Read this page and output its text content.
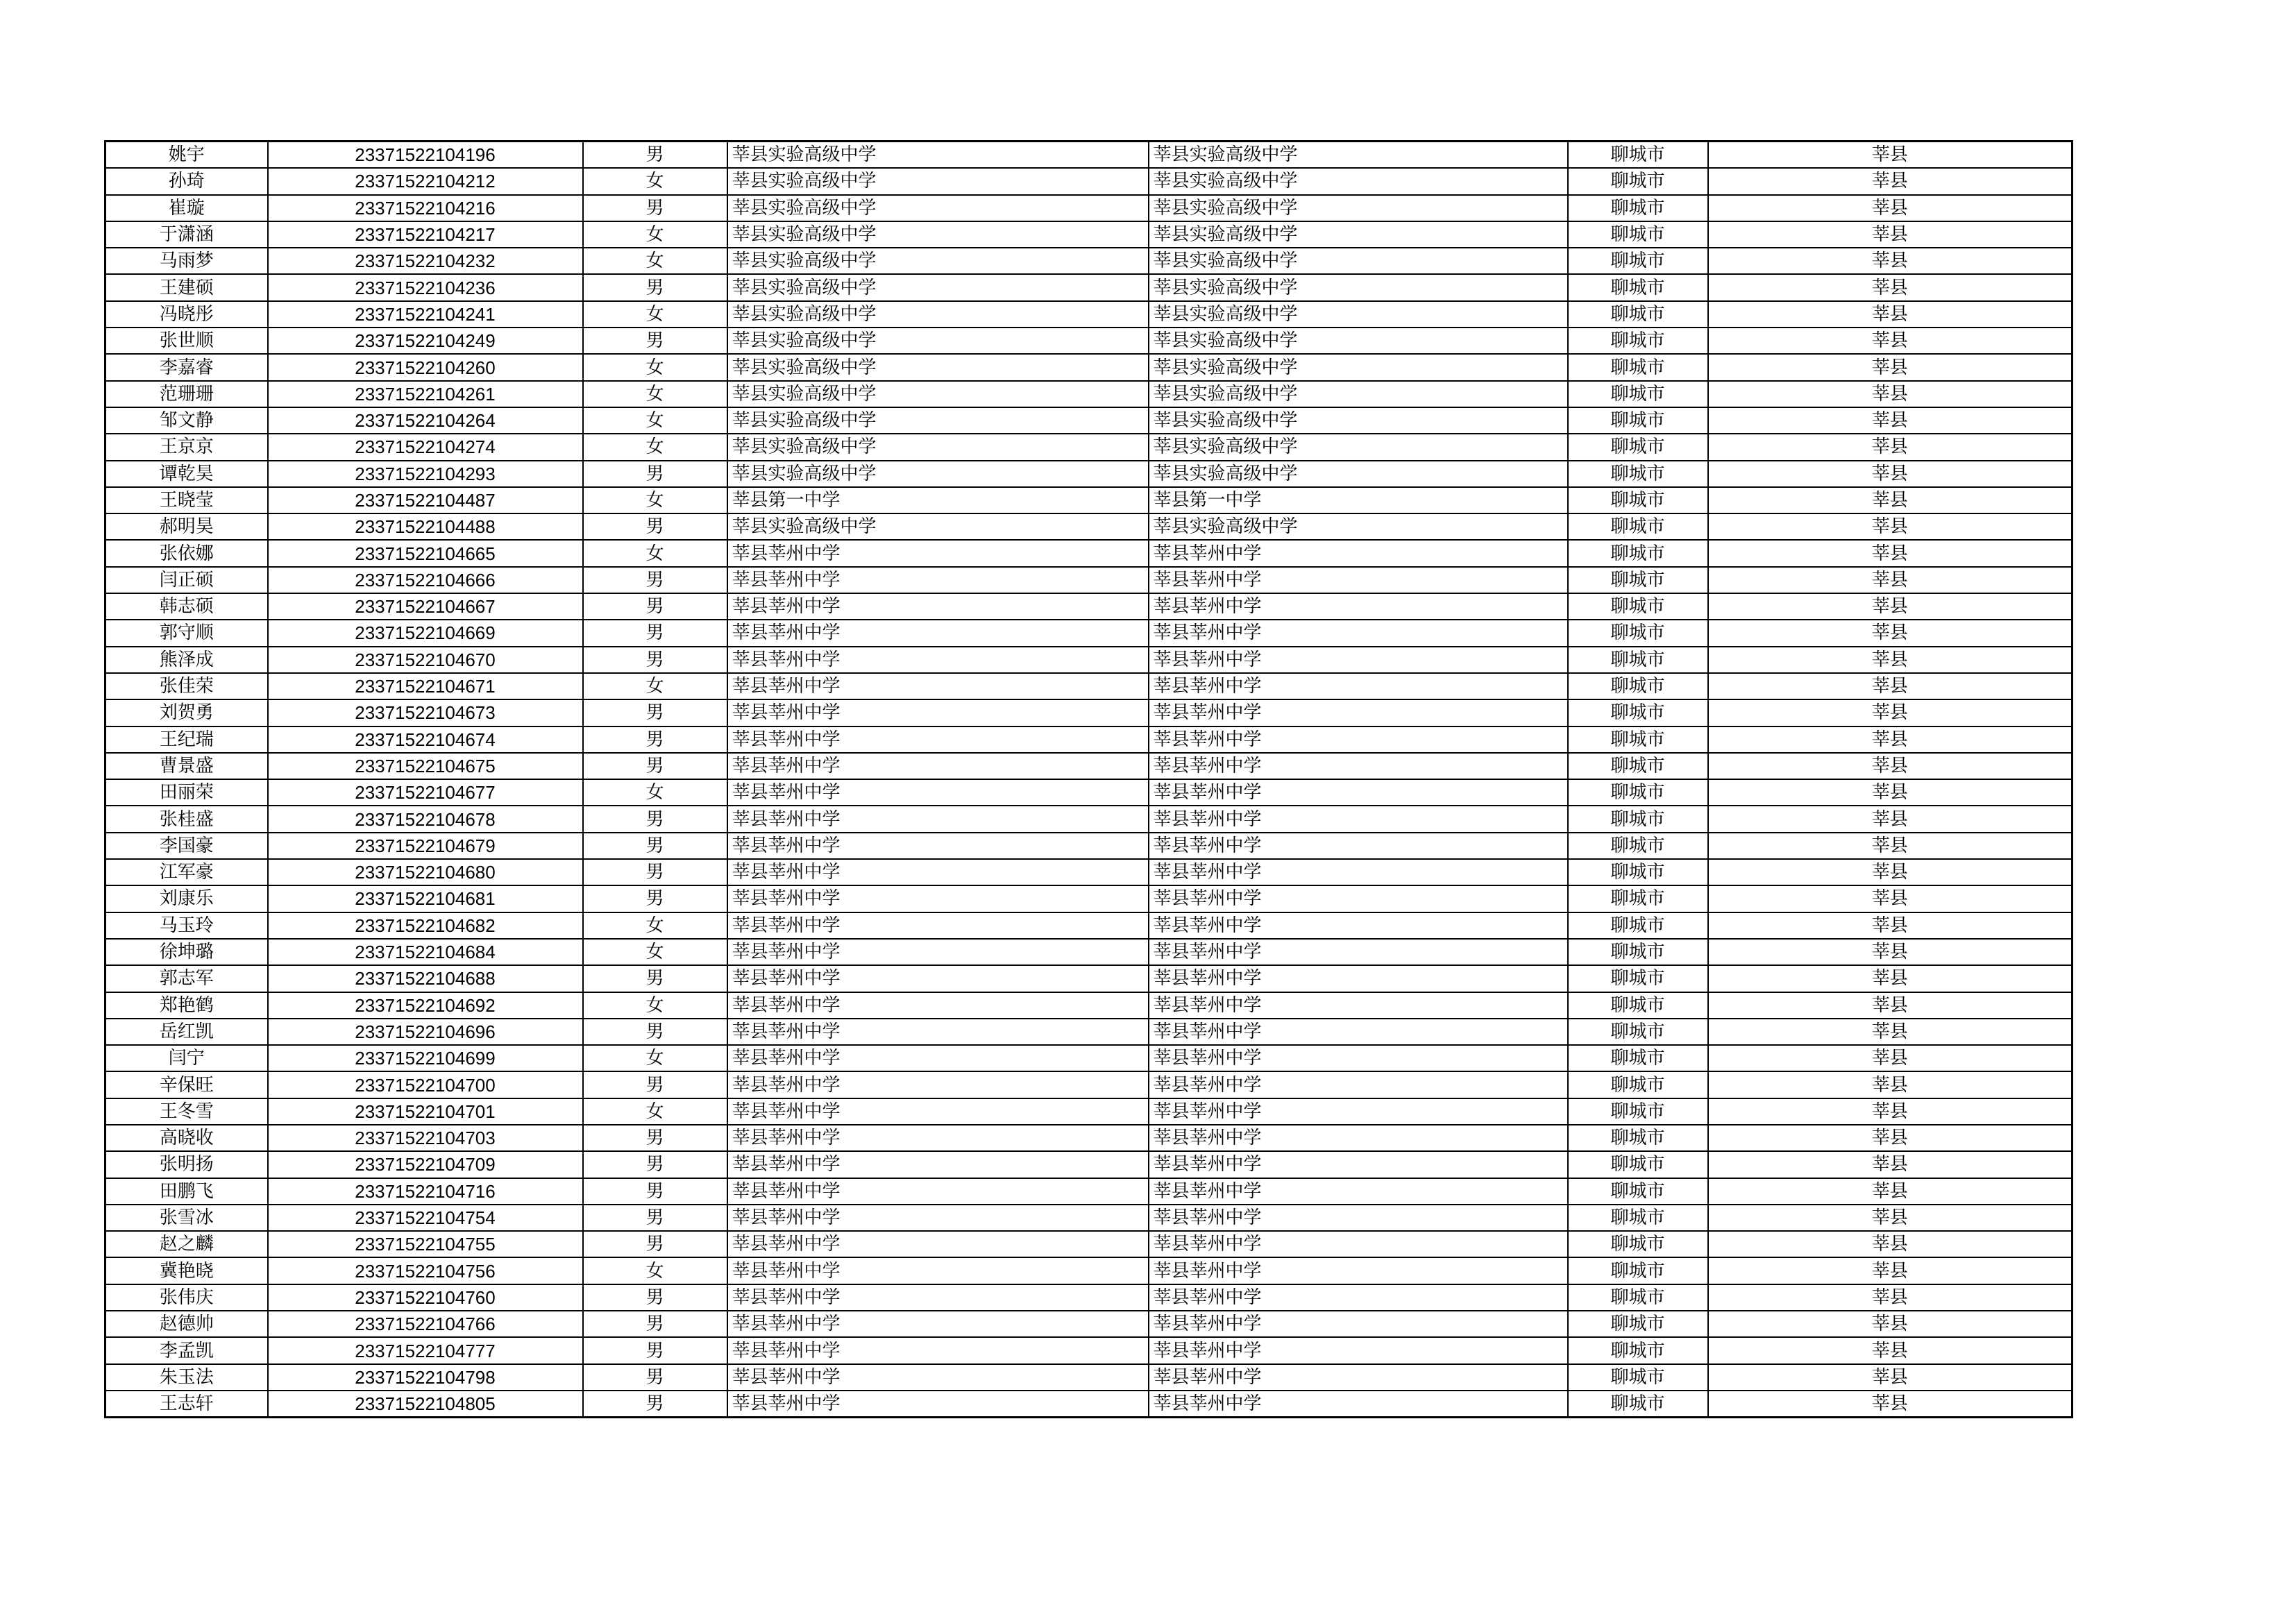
姚宇	23371522104196	男	莘县实验高级中学	莘县实验高级中学	聊城市	莘县
孙琦	23371522104212	女	莘县实验高级中学	莘县实验高级中学	聊城市	莘县
崔璇	23371522104216	男	莘县实验高级中学	莘县实验高级中学	聊城市	莘县
于潇涵	23371522104217	女	莘县实验高级中学	莘县实验高级中学	聊城市	莘县
马雨梦	23371522104232	女	莘县实验高级中学	莘县实验高级中学	聊城市	莘县
王建硕	23371522104236	男	莘县实验高级中学	莘县实验高级中学	聊城市	莘县
冯晓彤	23371522104241	女	莘县实验高级中学	莘县实验高级中学	聊城市	莘县
张世顺	23371522104249	男	莘县实验高级中学	莘县实验高级中学	聊城市	莘县
李嘉睿	23371522104260	女	莘县实验高级中学	莘县实验高级中学	聊城市	莘县
范珊珊	23371522104261	女	莘县实验高级中学	莘县实验高级中学	聊城市	莘县
邹文静	23371522104264	女	莘县实验高级中学	莘县实验高级中学	聊城市	莘县
王京京	23371522104274	女	莘县实验高级中学	莘县实验高级中学	聊城市	莘县
谭乾昊	23371522104293	男	莘县实验高级中学	莘县实验高级中学	聊城市	莘县
王晓莹	23371522104487	女	莘县第一中学	莘县第一中学	聊城市	莘县
郝明昊	23371522104488	男	莘县实验高级中学	莘县实验高级中学	聊城市	莘县
张依娜	23371522104665	女	莘县莘州中学	莘县莘州中学	聊城市	莘县
闫正硕	23371522104666	男	莘县莘州中学	莘县莘州中学	聊城市	莘县
韩志硕	23371522104667	男	莘县莘州中学	莘县莘州中学	聊城市	莘县
郭守顺	23371522104669	男	莘县莘州中学	莘县莘州中学	聊城市	莘县
熊泽成	23371522104670	男	莘县莘州中学	莘县莘州中学	聊城市	莘县
张佳荣	23371522104671	女	莘县莘州中学	莘县莘州中学	聊城市	莘县
刘贺勇	23371522104673	男	莘县莘州中学	莘县莘州中学	聊城市	莘县
王纪瑞	23371522104674	男	莘县莘州中学	莘县莘州中学	聊城市	莘县
曹景盛	23371522104675	男	莘县莘州中学	莘县莘州中学	聊城市	莘县
田丽荣	23371522104677	女	莘县莘州中学	莘县莘州中学	聊城市	莘县
张桂盛	23371522104678	男	莘县莘州中学	莘县莘州中学	聊城市	莘县
李国豪	23371522104679	男	莘县莘州中学	莘县莘州中学	聊城市	莘县
江军豪	23371522104680	男	莘县莘州中学	莘县莘州中学	聊城市	莘县
刘康乐	23371522104681	男	莘县莘州中学	莘县莘州中学	聊城市	莘县
马玉玲	23371522104682	女	莘县莘州中学	莘县莘州中学	聊城市	莘县
徐坤璐	23371522104684	女	莘县莘州中学	莘县莘州中学	聊城市	莘县
郭志军	23371522104688	男	莘县莘州中学	莘县莘州中学	聊城市	莘县
郑艳鹤	23371522104692	女	莘县莘州中学	莘县莘州中学	聊城市	莘县
岳红凯	23371522104696	男	莘县莘州中学	莘县莘州中学	聊城市	莘县
闫宁	23371522104699	女	莘县莘州中学	莘县莘州中学	聊城市	莘县
辛保旺	23371522104700	男	莘县莘州中学	莘县莘州中学	聊城市	莘县
王冬雪	23371522104701	女	莘县莘州中学	莘县莘州中学	聊城市	莘县
高晓收	23371522104703	男	莘县莘州中学	莘县莘州中学	聊城市	莘县
张明扬	23371522104709	男	莘县莘州中学	莘县莘州中学	聊城市	莘县
田鹏飞	23371522104716	男	莘县莘州中学	莘县莘州中学	聊城市	莘县
张雪冰	23371522104754	男	莘县莘州中学	莘县莘州中学	聊城市	莘县
赵之麟	23371522104755	男	莘县莘州中学	莘县莘州中学	聊城市	莘县
冀艳晓	23371522104756	女	莘县莘州中学	莘县莘州中学	聊城市	莘县
张伟庆	23371522104760	男	莘县莘州中学	莘县莘州中学	聊城市	莘县
赵德帅	23371522104766	男	莘县莘州中学	莘县莘州中学	聊城市	莘县
李孟凯	23371522104777	男	莘县莘州中学	莘县莘州中学	聊城市	莘县
朱玉法	23371522104798	男	莘县莘州中学	莘县莘州中学	聊城市	莘县
王志轩	23371522104805	男	莘县莘州中学	莘县莘州中学	聊城市	莘县
